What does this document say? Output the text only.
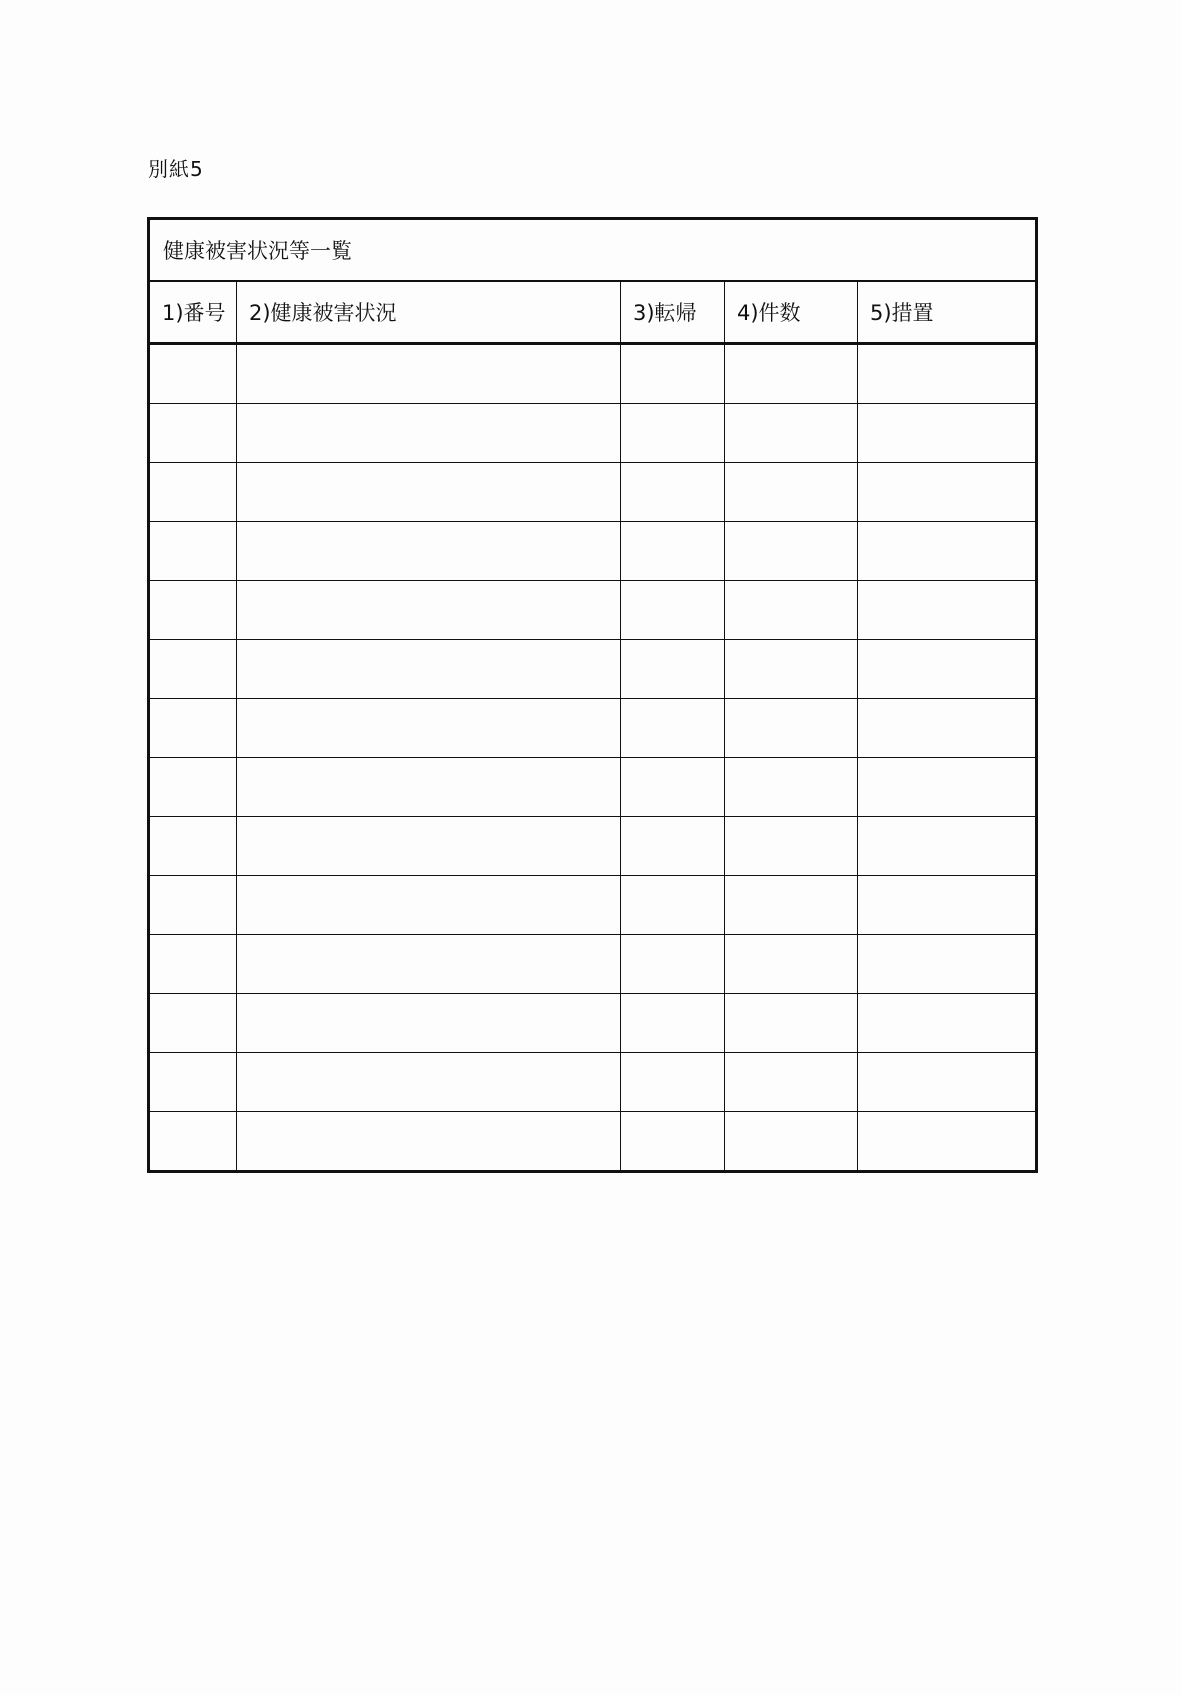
別紙5
健康被害状況等一覧				
1)番号	2)健康被害状況	3)転帰	4)件数	5)措置
